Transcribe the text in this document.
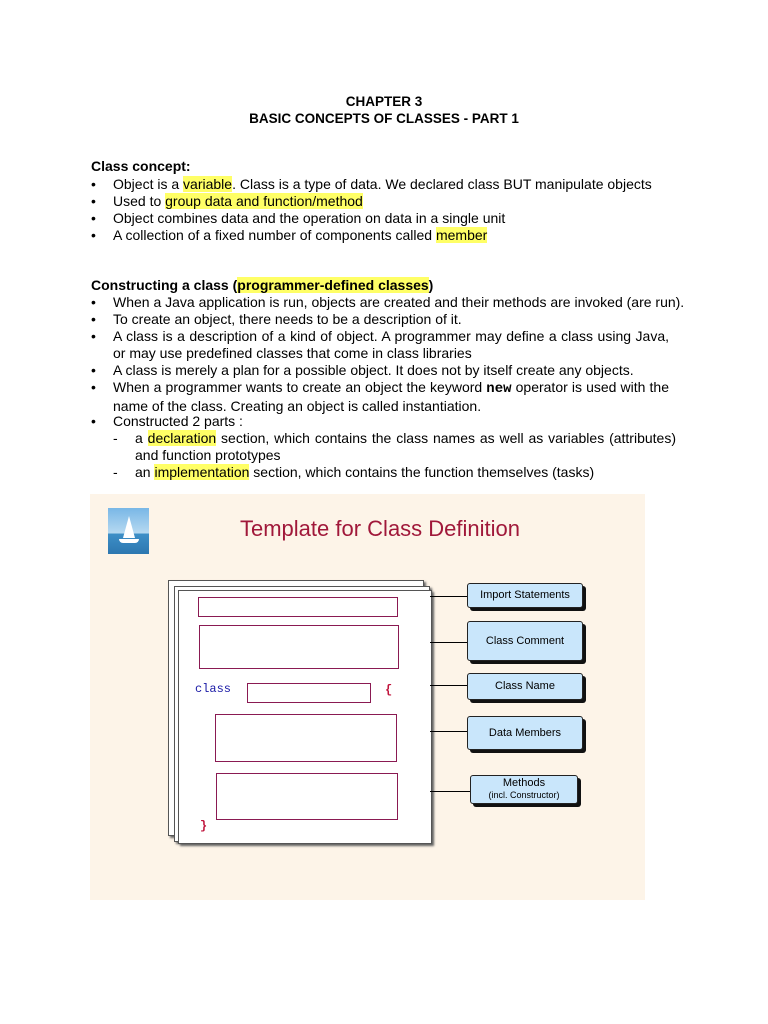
CHAPTER 3
BASIC CONCEPTS OF CLASSES - PART 1
Class concept:
• Object is a variable. Class is a type of data. We declared class BUT manipulate objects
• Used to group data and function/method
• Object combines data and the operation on data in a single unit
• A collection of a fixed number of components called member
Constructing a class (programmer-defined classes)
• When a Java application is run, objects are created and their methods are invoked (are run).
• To create an object, there needs to be a description of it.
• A class is a description of a kind of object. A programmer may define a class using Java, or may use predefined classes that come in class libraries
• A class is merely a plan for a possible object. It does not by itself create any objects.
• When a programmer wants to create an object the keyword new operator is used with the name of the class. Creating an object is called instantiation.
• Constructed 2 parts :
- a declaration section, which contains the class names as well as variables (attributes) and function prototypes
- an implementation section, which contains the function themselves (tasks)
Template for Class Definition
class	{
}
Import Statements
Class Comment
Class Name
Data Members
Methods
(incl. Constructor)
